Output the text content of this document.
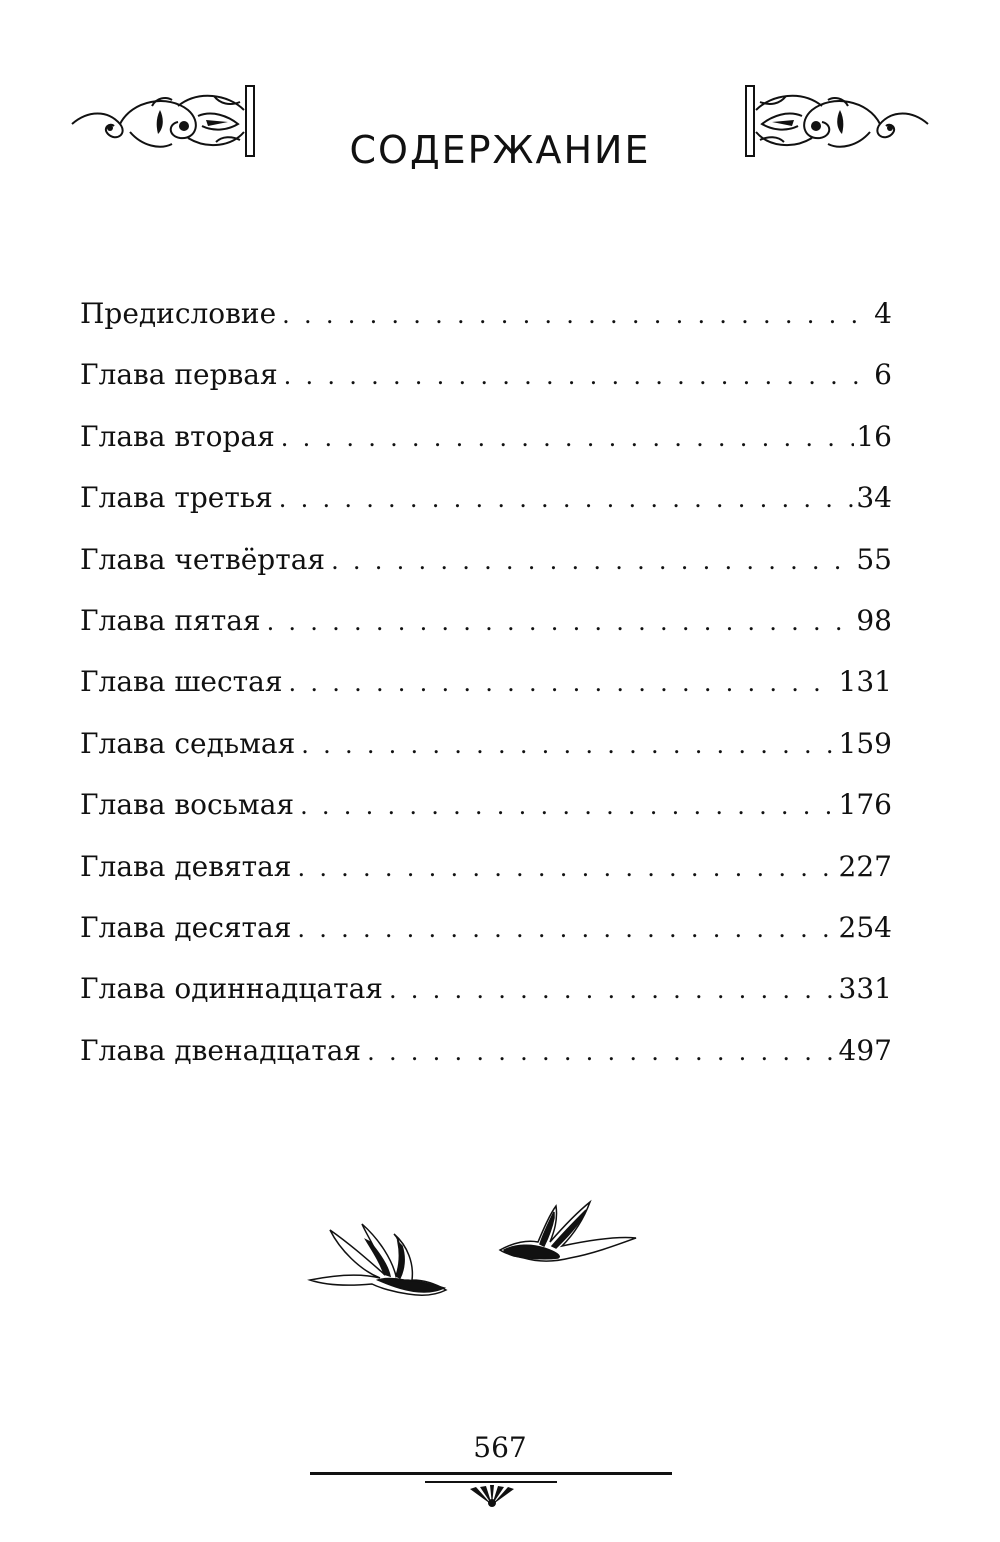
СОДЕРЖАНИЕ
Предисловие . . .	4
Глава первая . . .	6
Глава вторая . . .	16
Глава третья . . .	34
Глава четвёртая . . .	55
Глава пятая . . .	98
Глава шестая . . .	131
Глава седьмая . . .	159
Глава восьмая . . .	176
Глава девятая . . .	227
Глава десятая . . .	254
Глава одиннадцатая . . .	331
Глава двенадцатая . . .	497
567
